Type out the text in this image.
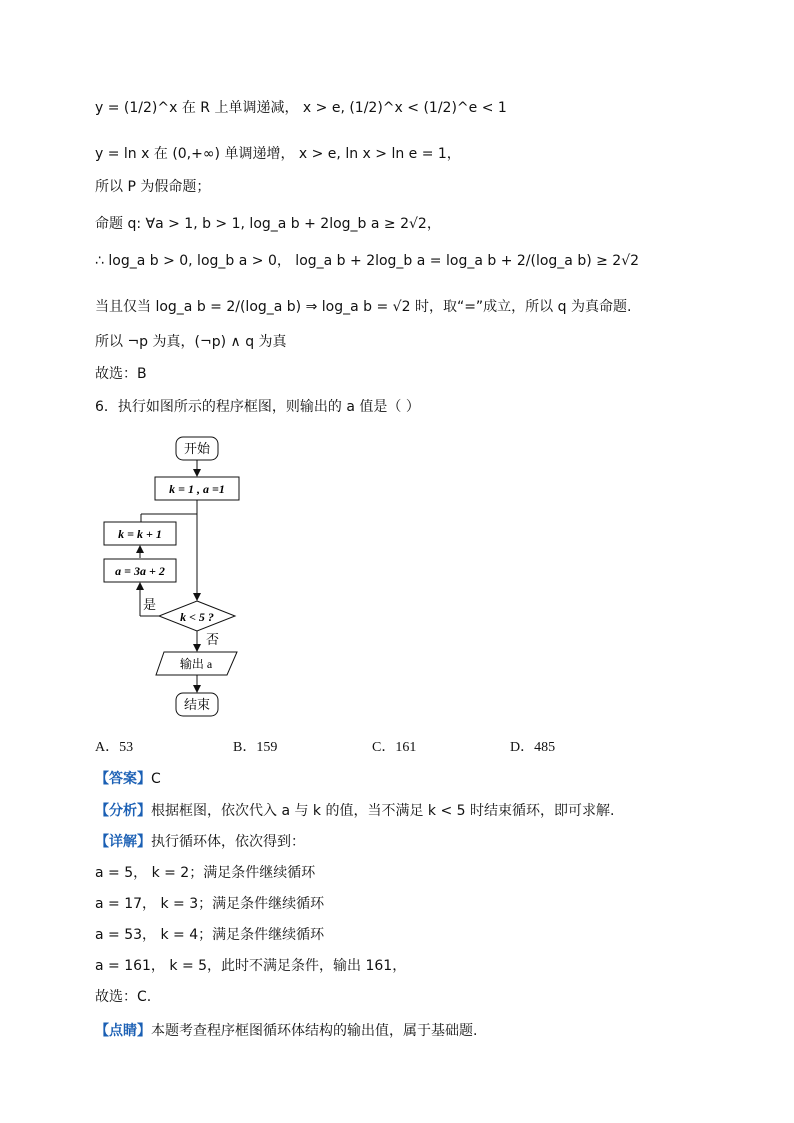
y = (1/2)^x 在 R 上单调递减， x > e, (1/2)^x < (1/2)^e < 1
y = ln x 在 (0,+∞) 单调递增， x > e, ln x > ln e = 1，
所以 P 为假命题；
命题 q: ∀a > 1, b > 1, log_a b + 2log_b a ≥ 2√2，
∴ log_a b > 0, log_b a > 0， log_a b + 2log_b a = log_a b + 2/(log_a b) ≥ 2√2
当且仅当 log_a b = 2/(log_a b) ⇒ log_a b = √2 时，取“=”成立，所以 q 为真命题.
所以 ¬p 为真，(¬p) ∧ q 为真
故选：B
6．执行如图所示的程序框图，则输出的 a 值是（ ）
开始
k = 1 , a =1
k = k + 1
a = 3a + 2
是
k < 5 ?
否
输出 a
结束
A．53	B．159	C．161	D．485
【答案】C
【分析】根据框图，依次代入 a 与 k 的值，当不满足 k < 5 时结束循环，即可求解.
【详解】执行循环体，依次得到：
a = 5， k = 2；满足条件继续循环
a = 17， k = 3；满足条件继续循环
a = 53， k = 4；满足条件继续循环
a = 161， k = 5，此时不满足条件，输出 161，
故选：C.
【点睛】本题考查程序框图循环体结构的输出值，属于基础题.
